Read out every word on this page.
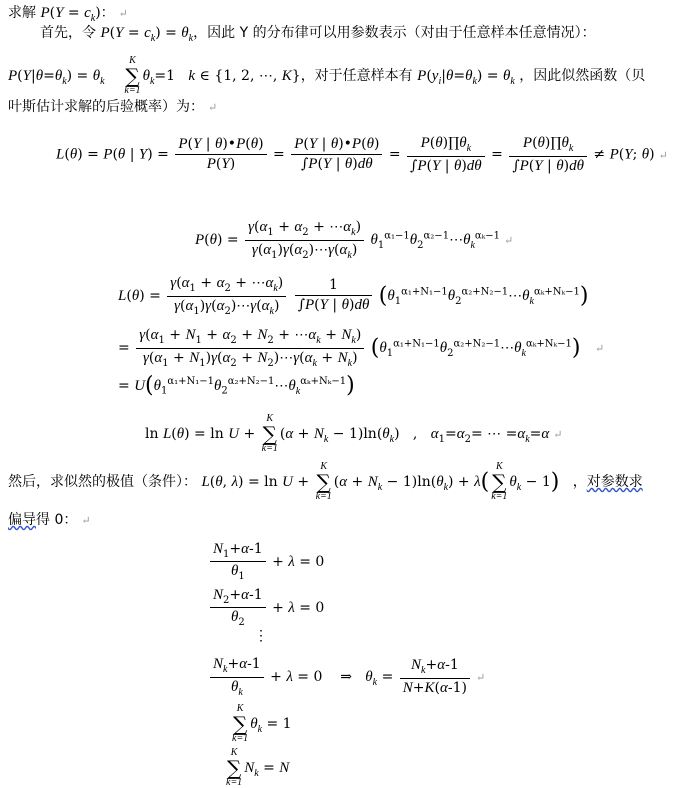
求解 $P(Y = c_k)$： ↵
首先，令 $P(Y = c_k) = \theta_k$，因此 Y 的分布律可以用参数表示（对由于任意样本任意情况）：
$P(Y|\theta=\theta_k) = \theta_k$
K
∑
k=1
$\theta_k=1$   k ∈ {1, 2, ⋯, K}，对于任意样本有 $P(y_i|\theta=\theta_k) = \theta_k$ ，因此似然函数（贝
叶斯估计求解的后验概率）为： ↵
L(θ) = P(θ | $Y) = \frac{P(Y | \theta)•P(\theta)}{P(Y)} = \frac{P(Y | \theta)•P(\theta)}{\int P(Y | \theta)d\theta} = \frac{P(\theta)\prod\theta_k}{\int P(Y | \theta)d\theta} = \frac{P(\theta)\prod\theta_k}{\int P(Y | \theta)d\theta} \ne P(Y$; θ) ↵
$P(\theta) = \frac{\gamma(\alpha_1 + \alpha_2 + \cdots\alpha_k)}{\gamma(\alpha_1)\gamma(\alpha_2)\cdots\gamma(\alpha_k)}$ $\theta_1^{\alpha_1-1}\theta_2^{\alpha_2-1}\cdots\theta_k^{\alpha_k-1}$ ↵
$L(\theta) = \frac{\gamma(\alpha_1 + \alpha_2 + \cdots\alpha_k)}{\gamma(\alpha_1)\gamma(\alpha_2)\cdots\gamma(\alpha_k)}$
$\frac{1}{\int P(Y | \theta)d\theta}$ $(\theta_1^{\alpha_1+N_1-1}\theta_2^{\alpha_2+N_2-1}\cdots\theta_k^{\alpha_k+N_k-1})$
= $\frac{\gamma(\alpha_1 + N_1 + \alpha_2 + N_2 + \cdots\alpha_k + N_k)}{\gamma(\alpha_1 + N_1)\gamma(\alpha_2 + N_2)\cdots\gamma(\alpha_k + N_k)}$ $(\theta_1^{\alpha_1+N_1-1}\theta_2^{\alpha_2+N_2-1}\cdots\theta_k^{\alpha_k+N_k-1})$   ↵
= $U(\theta_1^{\alpha_1+N_1-1}\theta_2^{\alpha_2+N_2-1}\cdots\theta_k^{\alpha_k+N_k-1})$
ln L(θ) = ln U +
K
∑
k=1
$(\alpha + N_k - 1)\ln(\theta_k)$   ,   $\alpha_1=\alpha_2=$ ⋯ $=\alpha_k=\alpha$ ↵
然后，求似然的极值（条件）： L(θ, λ) = ln U +
K
∑
k=1
$(\alpha + N_k - 1)\ln(\theta_k) + \lambda$(
K
∑
k=1
$\theta_k - 1$)   ，对参数求
偏导得 0： ↵
$\frac{N_1+\alpha-1}{\theta_1} + \lambda = 0$
$\frac{N_2+\alpha-1}{\theta_2} + \lambda = 0$
⋮
$\frac{N_k+\alpha-1}{\theta_k} + \lambda = 0$    ⇒ $\theta_k = \frac{N_k+\alpha-1}{N+K(\alpha-1)}$ ↵
K
∑
k=1
$\theta_k = 1$
K
∑
k=1
$N_k = N$
